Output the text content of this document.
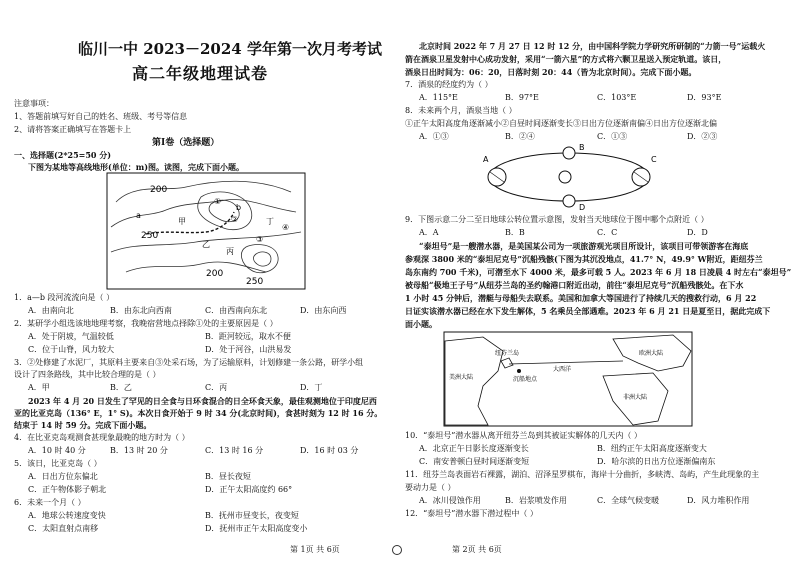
临川一中 2023－2024 学年第一次月考考试
高二年级地理试卷
注意事项：
1、答题前填写好自己的姓名、班级、考号等信息
2、请将答案正确填写在答题卡上
第Ⅰ卷（选择题）
一、选择题(2*25=50 分)
下图为某地等高线地形(单位：m)图。读图，完成下面小题。
200
250
200
250
①
②
③
④
a
b
甲
乙
丙
丁
1．a—b 段河流流向是（ ）
A．由南向北	B．由东北向西南	C．由西南向东北	D．由东向西
2．某研学小组选该地地理考察，我晚宿营地点择除①处的主要原因是（ ）
A．处于阴坡，气温较低	B．距河较远，取水不便
C．位于山脊，风力较大	D．处于河谷，山洪易发
3．②处修建了水泥厂，其原料主要来自③处采石场，为了运输原料，计划修建一条公路，研学小组
设计了四条路线，其中比较合理的是（ ）
A．甲	B．乙	C．丙	D．丁
2023 年 4 月 20 日发生了罕见的日全食与日环食混合的日全环食天象，最佳观测地位于印度尼西
亚的比亚克岛（136° E，1° S)。本次日食开始于 9 时 34 分(北京时间)，食甚时刻为 12 时 16 分。
结束于 14 时 59 分。完成下面小题。
4．在比亚克岛观测食甚现象最晚的地方时为（ ）
A．10 时 40 分	B．13 时 20 分	C．13 时 16 分	D．16 时 03 分
5．该日，比亚克岛（ ）
A．日出方位东偏北	B．昼长夜短
C．正午物体影子朝北	D．正午太阳高度约 66°
6．未来一个月（ ）
A．地球公转速度变快	B．抚州市昼变长，夜变短
C．太阳直射点南移	D．抚州市正午太阳高度变小
第 1页 共 6页
北京时间 2022 年 7 月 27 日 12 时 12 分，由中国科学院力学研究所研制的“力箭一号”运载火
箭在酒泉卫星发射中心成功发射，采用“一箭六星”的方式将六颗卫星送入预定轨道。该日，
酒泉日出时间为：06：20，日落时刻 20：44（皆为北京时间）。完成下面小题。
7．酒泉的经度约为（ ）
A．115°E	B．97°E	C．103°E	D．93°E
8．未来两个月，酒泉当地（ ）
①正午太阳高度角逐渐减小②自昼时间逐渐变长③日出方位逐渐南偏④日出方位逐渐北偏
A．①③	B．②④	C．①③	D．②③
A
B
C
D
9．下图示意二分二至日地球公转位置示意图，发射当天地球位于图中哪个点附近（ ）
A．A	B．B	C．C	D．D
“泰坦号”是一艘潜水器，是美国某公司为一项旅游观光项目所设计，该项目可带领游客在海底
参观深 3800 米的“泰坦尼克号”沉船残骸(下图为其沉没地点，41.7° N，49.9° W附近，距纽芬兰
岛东南约 700 千米)，可潜至水下 4000 米，最多可载 5 人。2023 年 6 月 18 日凌晨 4 时左右“泰坦号”
被母船“极地王子号”从纽芬兰岛的圣约翰港口附近出动，前往“泰坦尼克号”沉船残骸处。在下水
1 小时 45 分钟后，潜艇与母船失去联系。美国和加拿大等国进行了持续几天的搜救行动，6 月 22
日证实该潜水器已经在水下发生解体，5 名乘员全部遇难。2023 年 6 月 21 日是夏至日，据此完成下
面小题。
大西洋
纽芬兰岛
美洲大陆
欧洲大陆
非洲大陆
沉船地点
10．“泰坦号”潜水器从离开纽芬兰岛到其被证实解体的几天内（ ）
A．北京正午日影长度逐渐变长	B．纽约正午太阳高度逐渐变大
C．南安普顿白昼时间逐渐变短	D．哈尔滨的日出方位逐渐偏南东
11．纽芬兰岛表面岩石裸露，湖泊、沼泽星罗棋布，海岸十分曲折，多峡湾、岛屿，产生此现象的主
要动力是（ ）
A．冰川侵蚀作用	B．岩浆喷发作用	C．全球气候变暖	D．风力堆积作用
12．“泰坦号”潜水器下潜过程中（ ）
第 2页 共 6页
